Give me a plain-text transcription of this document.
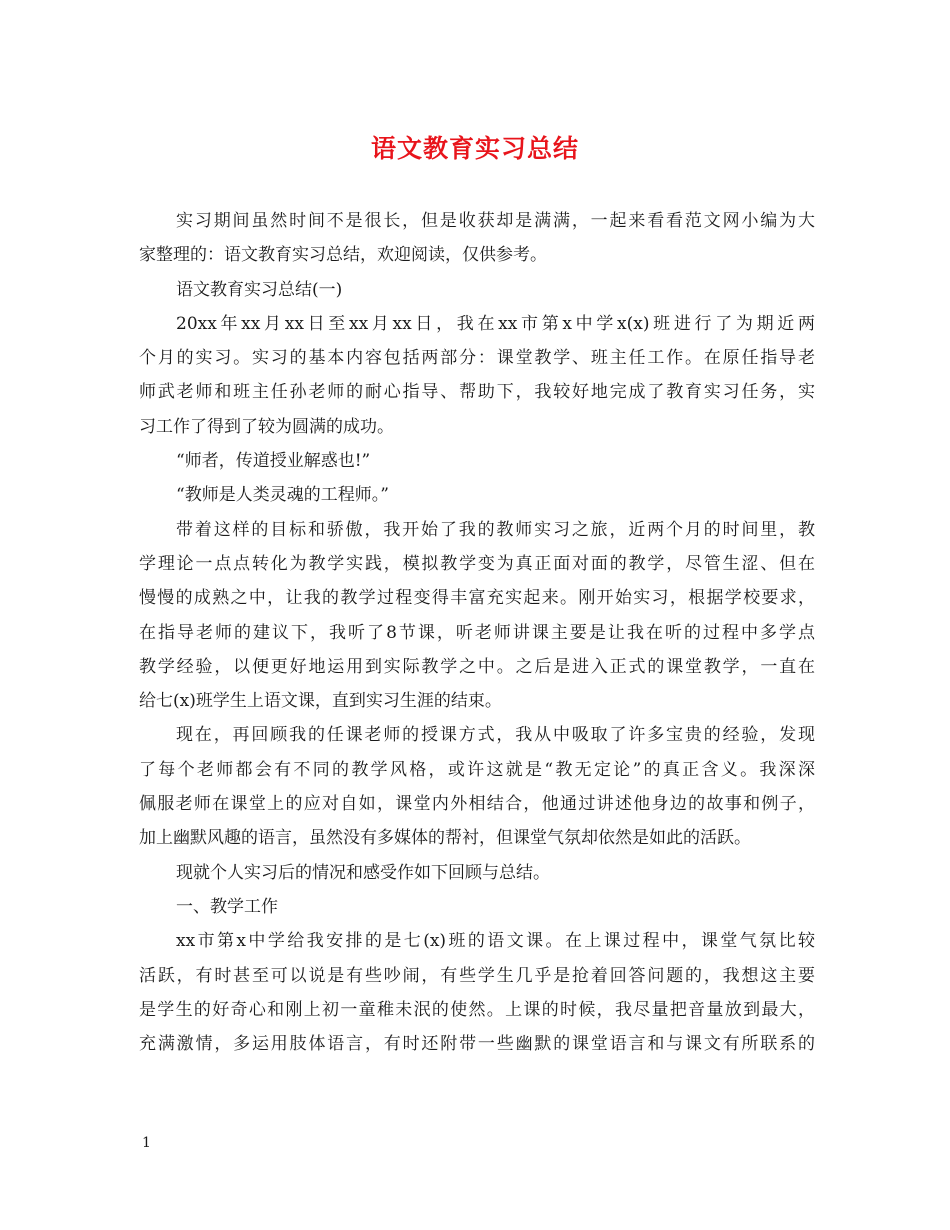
语文教育实习总结
实习期间虽然时间不是很长，但是收获却是满满，一起来看看范文网小编为大
家整理的：语文教育实习总结，欢迎阅读，仅供参考。
语文教育实习总结(一)
20xx年xx月xx日至xx月xx日，我在xx市第x中学x(x)班进行了为期近两
个月的实习。实习的基本内容包括两部分：课堂教学、班主任工作。在原任指导老
师武老师和班主任孙老师的耐心指导、帮助下，我较好地完成了教育实习任务，实
习工作了得到了较为圆满的成功。
“师者，传道授业解惑也!”
“教师是人类灵魂的工程师。”
带着这样的目标和骄傲，我开始了我的教师实习之旅，近两个月的时间里，教
学理论一点点转化为教学实践，模拟教学变为真正面对面的教学，尽管生涩、但在
慢慢的成熟之中，让我的教学过程变得丰富充实起来。刚开始实习，根据学校要求，
在指导老师的建议下，我听了8节课，听老师讲课主要是让我在听的过程中多学点
教学经验，以便更好地运用到实际教学之中。之后是进入正式的课堂教学，一直在
给七(x)班学生上语文课，直到实习生涯的结束。
现在，再回顾我的任课老师的授课方式，我从中吸取了许多宝贵的经验，发现
了每个老师都会有不同的教学风格，或许这就是“教无定论”的真正含义。我深深
佩服老师在课堂上的应对自如，课堂内外相结合，他通过讲述他身边的故事和例子，
加上幽默风趣的语言，虽然没有多媒体的帮衬，但课堂气氛却依然是如此的活跃。
现就个人实习后的情况和感受作如下回顾与总结。
一、教学工作
xx市第x中学给我安排的是七(x)班的语文课。在上课过程中，课堂气氛比较
活跃，有时甚至可以说是有些吵闹，有些学生几乎是抢着回答问题的，我想这主要
是学生的好奇心和刚上初一童稚未泯的使然。上课的时候，我尽量把音量放到最大，
充满激情，多运用肢体语言，有时还附带一些幽默的课堂语言和与课文有所联系的
1
